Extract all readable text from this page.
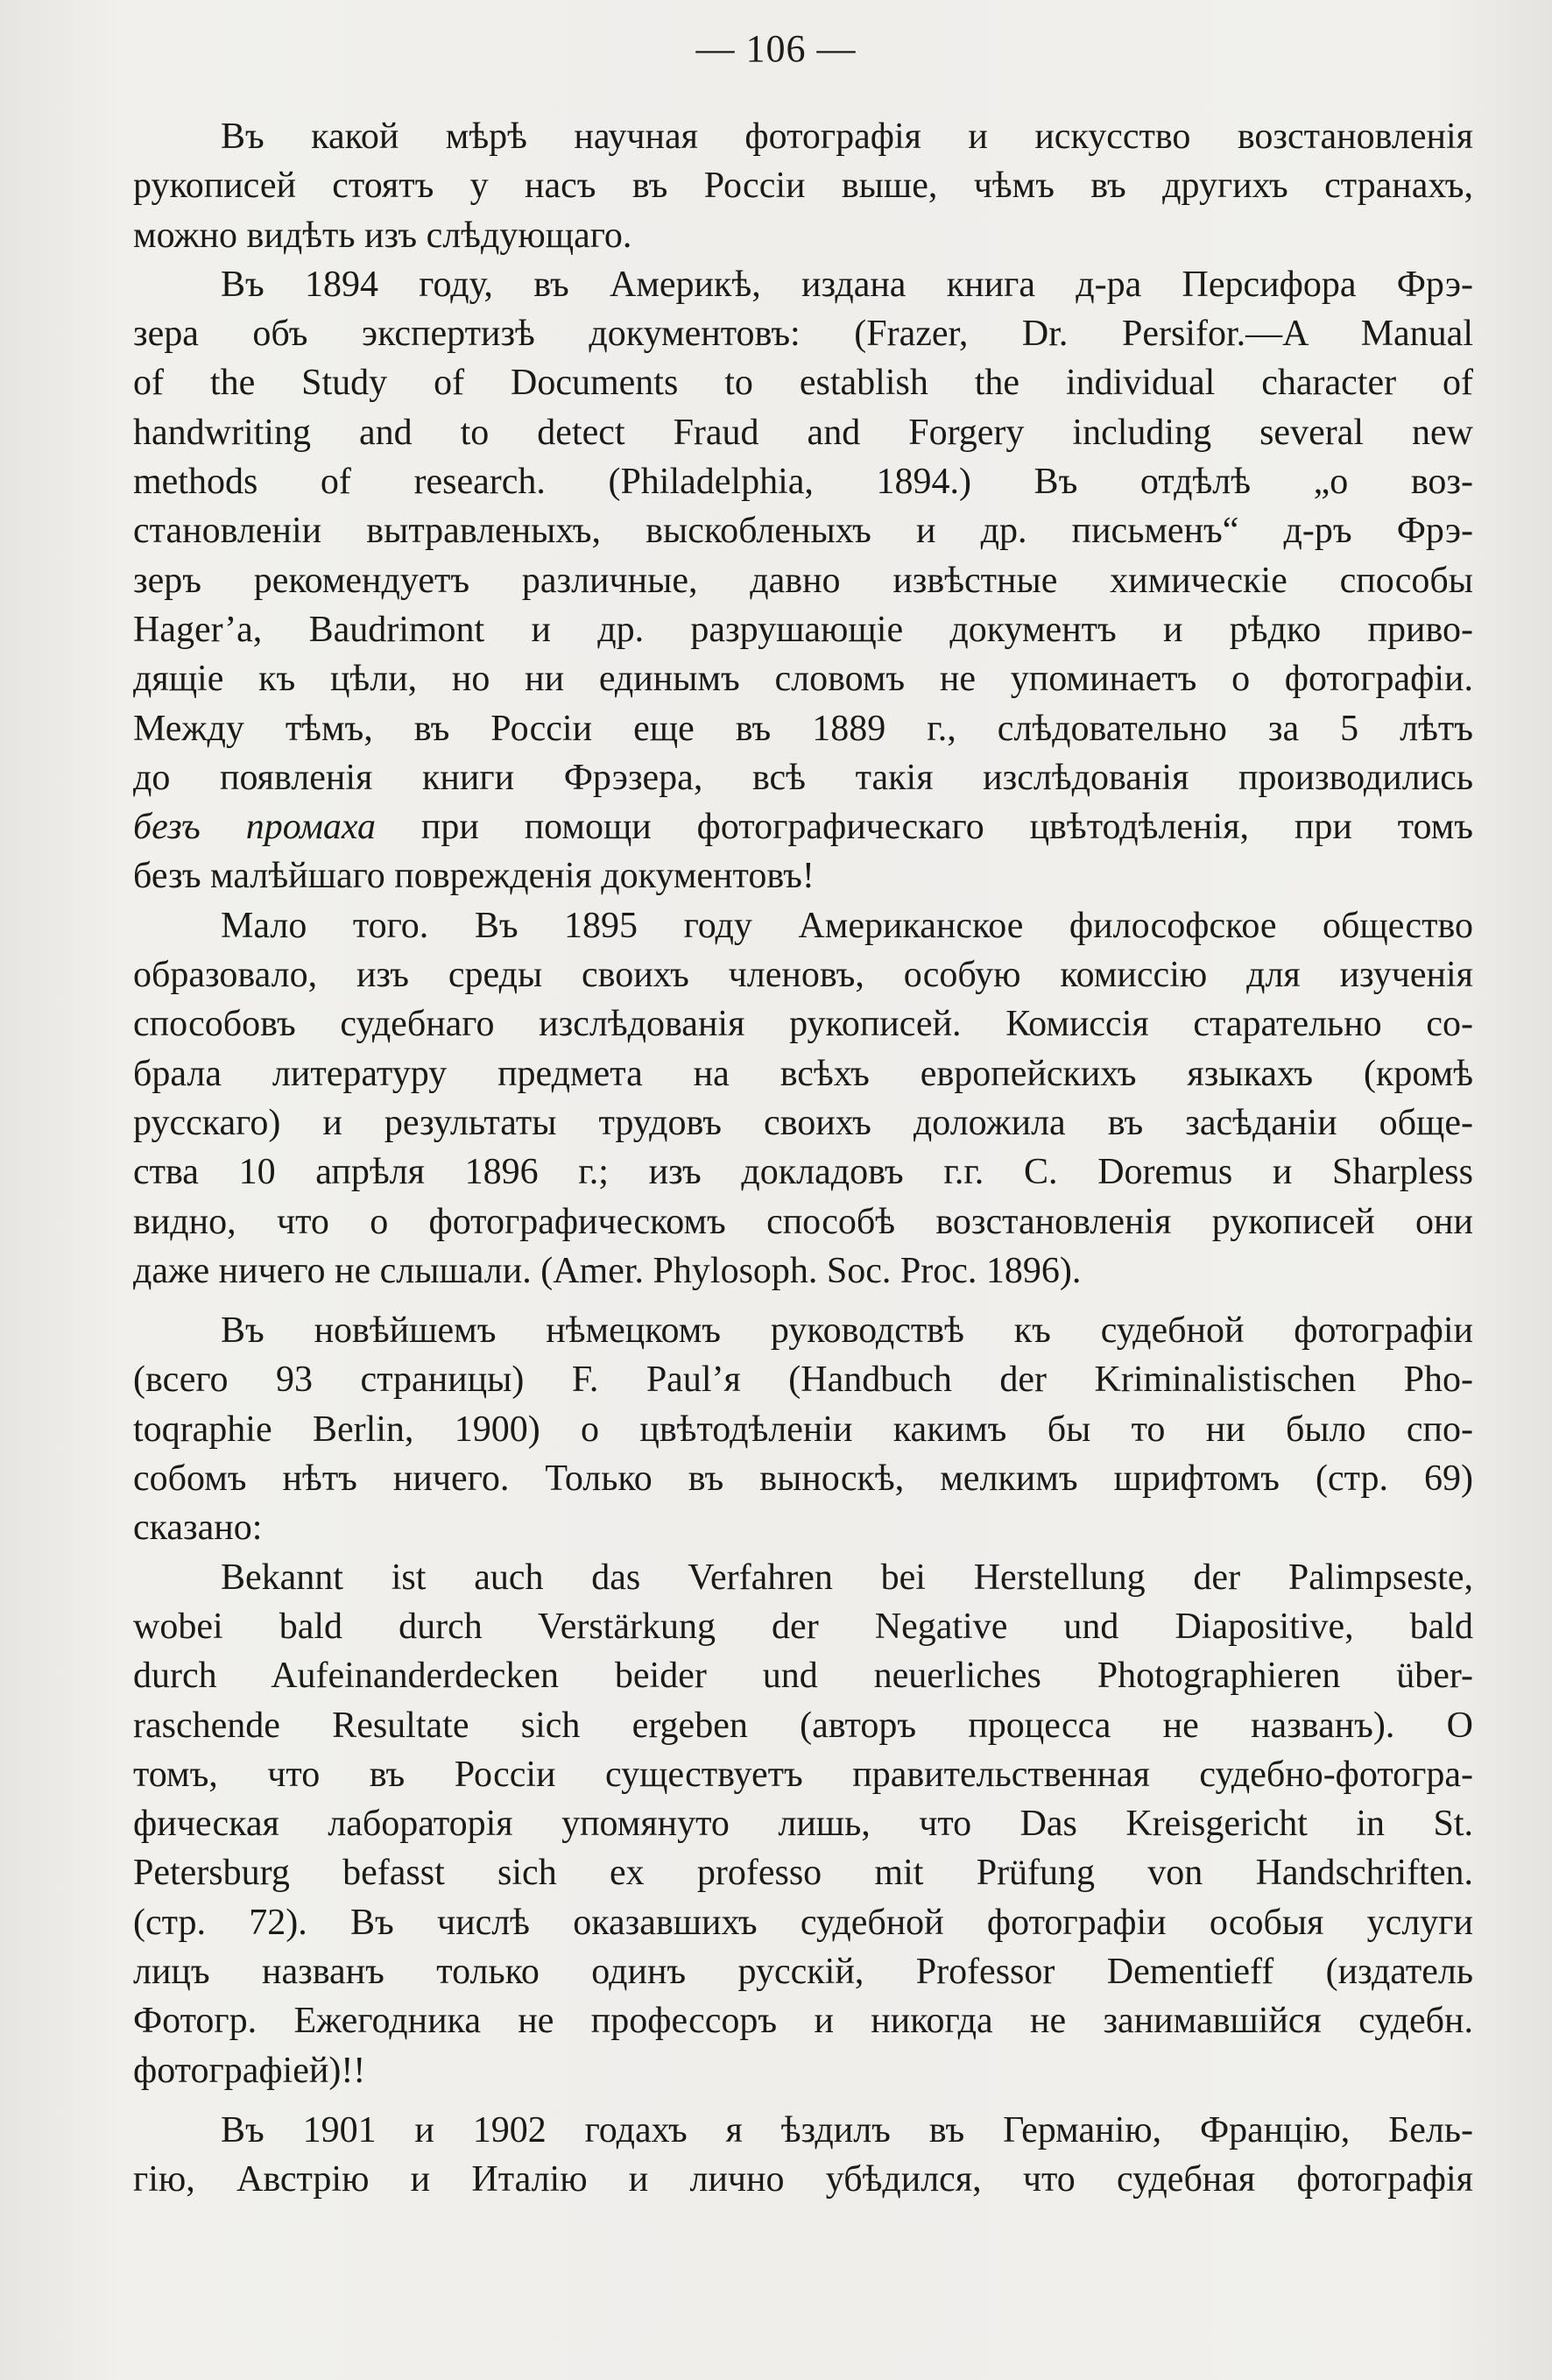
— 106 —
Въ какой мѣрѣ научная фотографія и искусство возстановленія
рукописей стоятъ у насъ въ Россіи выше, чѣмъ въ другихъ странахъ,
можно видѣть изъ слѣдующаго.
Въ 1894 году, въ Америкѣ, издана книга д-ра Персифора Фрэ-
зера объ экспертизѣ документовъ: (Frazer, Dr. Persifor.—A Manual
of the Study of Documents to establish the individual character of
handwriting and to detect Fraud and Forgery including several new
methods of research. (Philadelphia, 1894.) Въ отдѣлѣ „о воз-
становленіи вытравленыхъ, выскобленыхъ и др. письменъ“ д-ръ Фрэ-
зеръ рекомендуетъ различные, давно извѣстные химическіе способы
Hager’a, Baudrimont и др. разрушающіе документъ и рѣдко приво-
дящіе къ цѣли, но ни единымъ словомъ не упоминаетъ о фотографіи.
Между тѣмъ, въ Россіи еще въ 1889 г., слѣдовательно за 5 лѣтъ
до появленія книги Фрэзера, всѣ такія изслѣдованія производились
безъ промаха при помощи фотографическаго цвѣтодѣленія, при томъ
безъ малѣйшаго поврежденія документовъ!
Мало того. Въ 1895 году Американское философское общество
образовало, изъ среды своихъ членовъ, особую комиссію для изученія
способовъ судебнаго изслѣдованія рукописей. Комиссія старательно со-
брала литературу предмета на всѣхъ европейскихъ языкахъ (кромѣ
русскаго) и результаты трудовъ своихъ доложила въ засѣданіи обще-
ства 10 апрѣля 1896 г.; изъ докладовъ г.г. C. Doremus и Sharpless
видно, что о фотографическомъ способѣ возстановленія рукописей они
даже ничего не слышали. (Amer. Phylosoph. Soc. Proc. 1896).
Въ новѣйшемъ нѣмецкомъ руководствѣ къ судебной фотографіи
(всего 93 страницы) F. Paul’я (Handbuch der Kriminalistischen Pho-
toqraphie Berlin, 1900) о цвѣтодѣленіи какимъ бы то ни было спо-
собомъ нѣтъ ничего. Только въ выноскѣ, мелкимъ шрифтомъ (стр. 69)
сказано:
Bekannt ist auch das Verfahren bei Herstellung der Palimpseste,
wobei bald durch Verstärkung der Negative und Diapositive, bald
durch Aufeinanderdecken beider und neuerliches Photographieren über-
raschende Resultate sich ergeben (авторъ процесса не названъ). О
томъ, что въ Россіи существуетъ правительственная судебно-фотогра-
фическая лабораторія упомянуто лишь, что Das Kreisgericht in St.
Petersburg befasst sich ex professo mit Prüfung von Handschriften.
(стр. 72). Въ числѣ оказавшихъ судебной фотографіи особыя услуги
лицъ названъ только одинъ русскій, Professor Dementieff (издатель
Фотогр. Ежегодника не профессоръ и никогда не занимавшійся судебн.
фотографіей)!!
Въ 1901 и 1902 годахъ я ѣздилъ въ Германію, Францію, Бель-
гію, Австрію и Италію и лично убѣдился, что судебная фотографія
